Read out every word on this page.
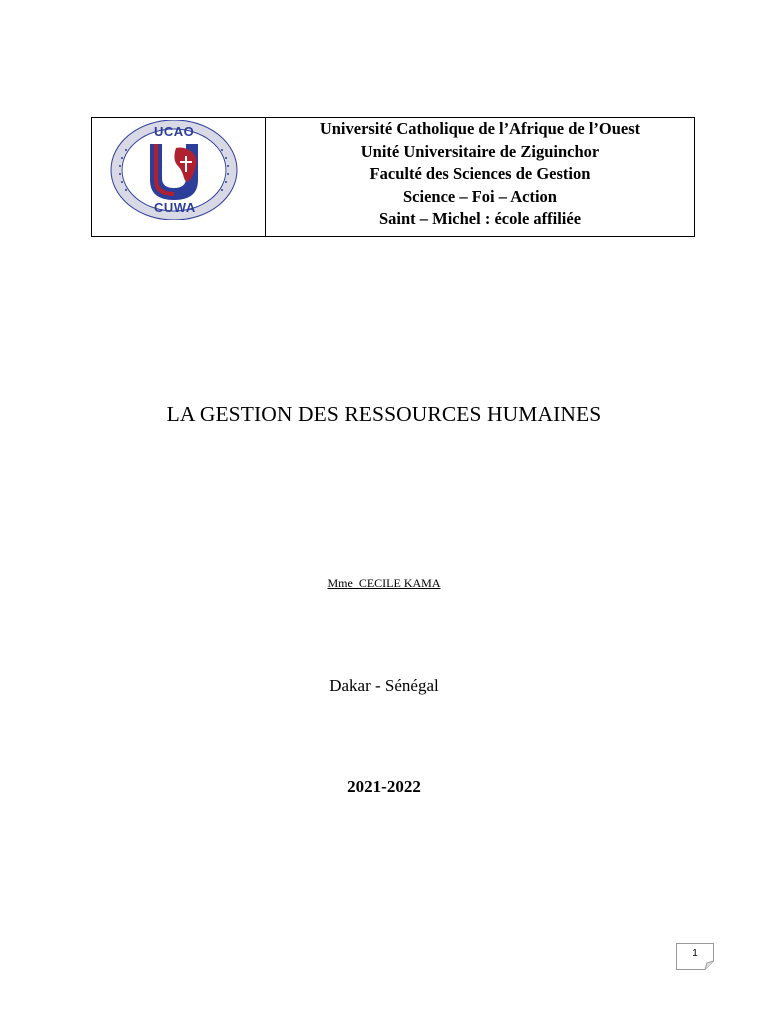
UCAO
CUWA
Université Catholique de l’Afrique de l’Ouest
Unité Universitaire de Ziguinchor
Faculté des Sciences de Gestion
Science – Foi – Action
Saint – Michel : école affiliée
LA GESTION DES RESSOURCES HUMAINES
Mme  CECILE KAMA
Dakar - Sénégal
2021-2022
1
